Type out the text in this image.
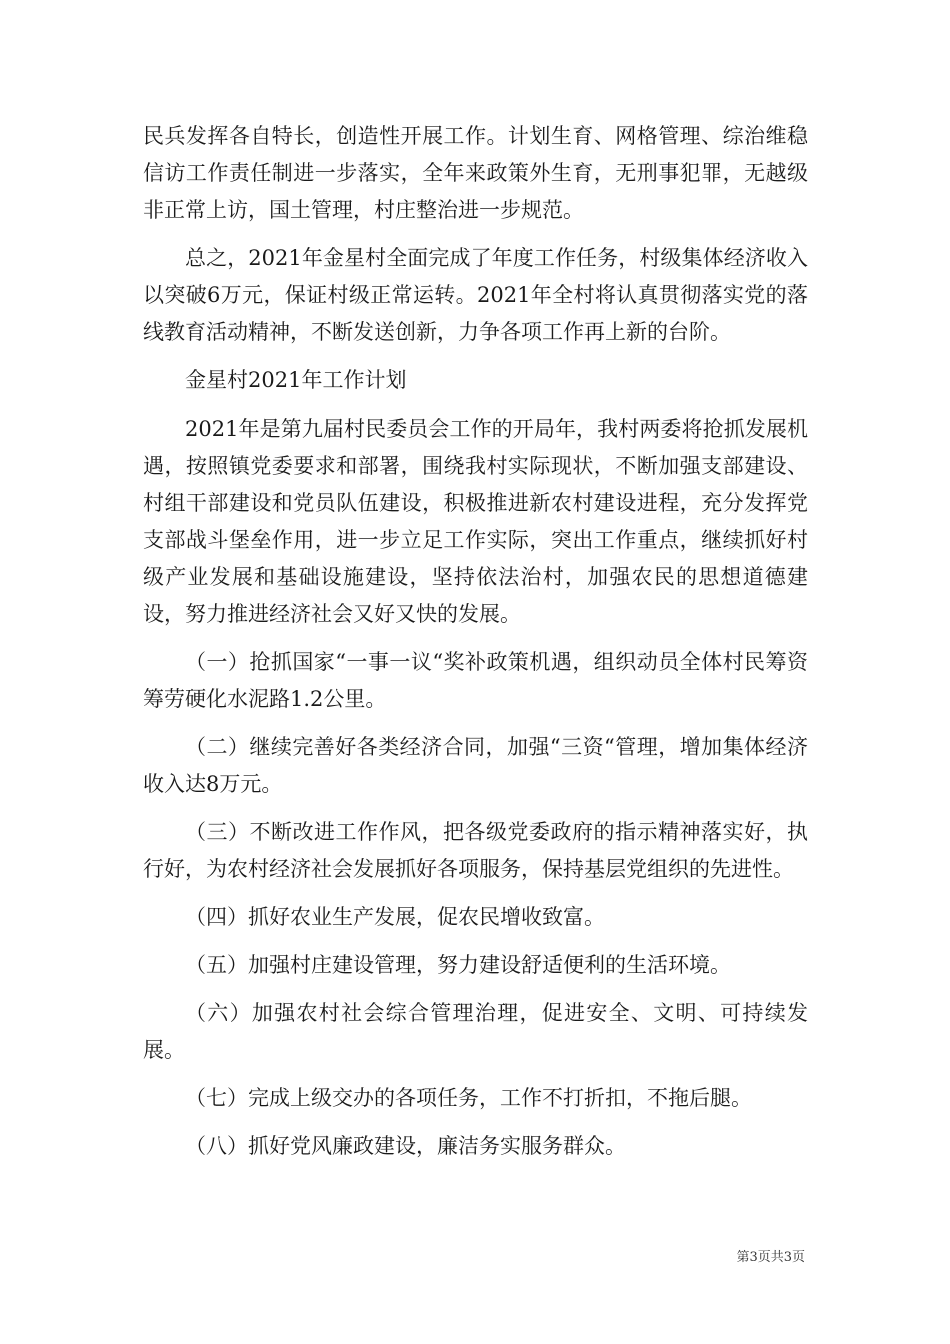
民兵发挥各自特长，创造性开展工作。计划生育、网格管理、综治维稳信访工作责任制进一步落实，全年来政策外生育，无刑事犯罪，无越级非正常上访，国土管理，村庄整治进一步规范。

总之，2021年金星村全面完成了年度工作任务，村级集体经济收入以突破6万元，保证村级正常运转。2021年全村将认真贯彻落实党的落线教育活动精神，不断发送创新，力争各项工作再上新的台阶。

金星村2021年工作计划

2021年是第九届村民委员会工作的开局年，我村两委将抢抓发展机遇，按照镇党委要求和部署，围绕我村实际现状，不断加强支部建设、村组干部建设和党员队伍建设，积极推进新农村建设进程，充分发挥党支部战斗堡垒作用，进一步立足工作实际，突出工作重点，继续抓好村级产业发展和基础设施建设，坚持依法治村，加强农民的思想道德建设，努力推进经济社会又好又快的发展。

（一）抢抓国家“一事一议“奖补政策机遇，组织动员全体村民筹资筹劳硬化水泥路1.2公里。

（二）继续完善好各类经济合同，加强“三资“管理，增加集体经济收入达8万元。

（三）不断改进工作作风，把各级党委政府的指示精神落实好，执行好，为农村经济社会发展抓好各项服务，保持基层党组织的先进性。

（四）抓好农业生产发展，促农民增收致富。

（五）加强村庄建设管理，努力建设舒适便利的生活环境。

（六）加强农村社会综合管理治理，促进安全、文明、可持续发展。

（七）完成上级交办的各项任务，工作不打折扣，不拖后腿。

（八）抓好党风廉政建设，廉洁务实服务群众。

第3页共3页
